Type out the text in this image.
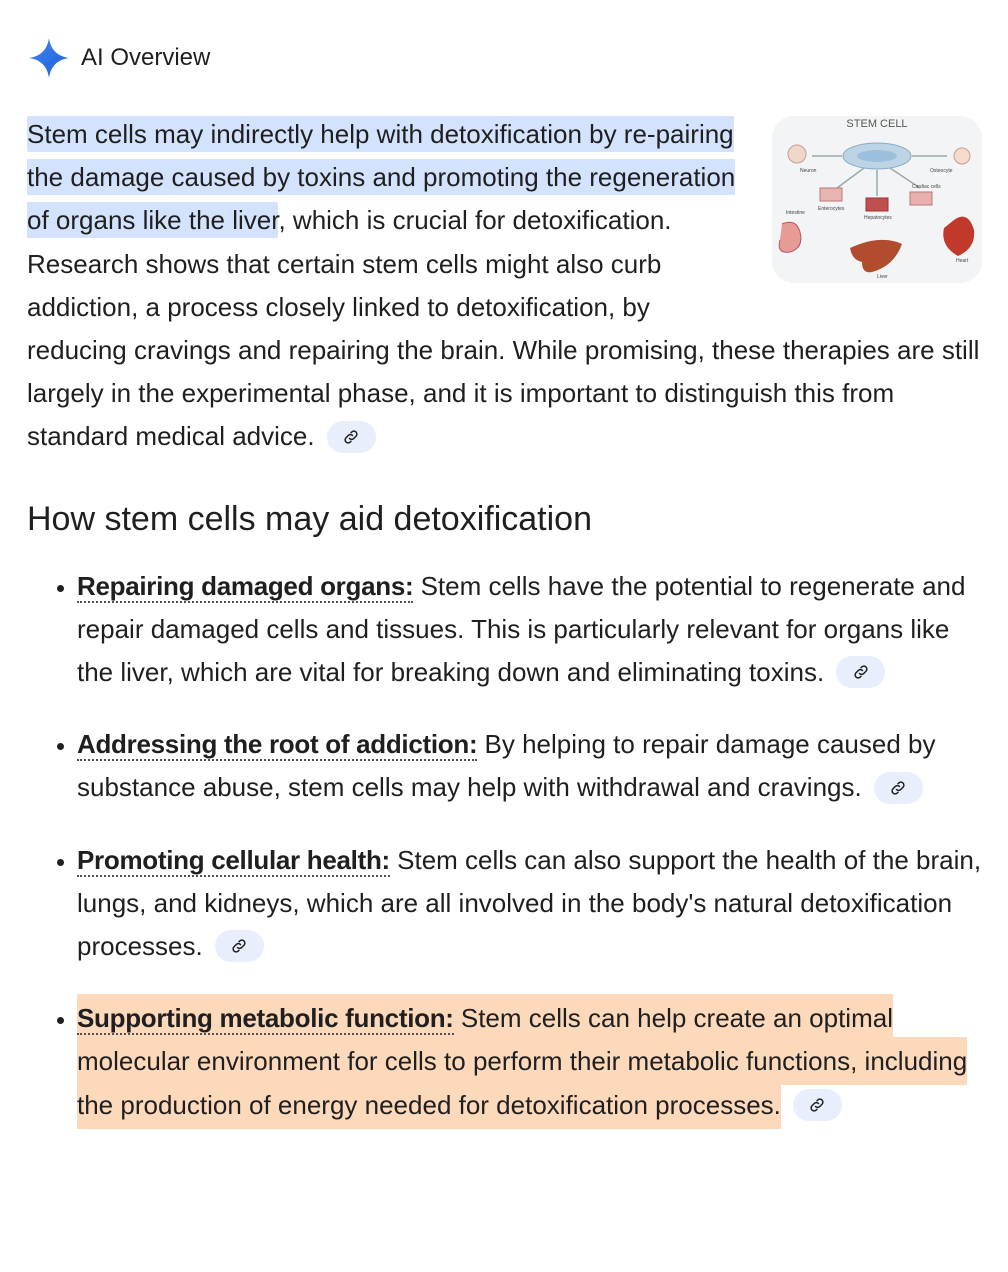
AI Overview
STEM CELL
Intestine
Liver
Heart
Neuron	Osteocyte
Enterocytes
Hepatocytes
Cardiac cells
Stem cells may indirectly help with detoxification by re-pairing the damage caused by toxins and promoting the regeneration of organs like the liver, which is crucial for detoxification. Research shows that certain stem cells might also curb addiction, a process closely linked to detoxification, by reducing cravings and repairing the brain. While promising, these therapies are still largely in the experimental phase, and it is important to distinguish this from standard medical advice.
How stem cells may aid detoxification
• Repairing damaged organs: Stem cells have the potential to regenerate and repair damaged cells and tissues. This is particularly relevant for organs like the liver, which are vital for breaking down and eliminating toxins.
• Addressing the root of addiction: By helping to repair damage caused by substance abuse, stem cells may help with withdrawal and cravings.
• Promoting cellular health: Stem cells can also support the health of the brain, lungs, and kidneys, which are all involved in the body's natural detoxification processes.
• Supporting metabolic function: Stem cells can help create an optimal molecular environment for cells to perform their metabolic functions, including the production of energy needed for detoxification processes.
